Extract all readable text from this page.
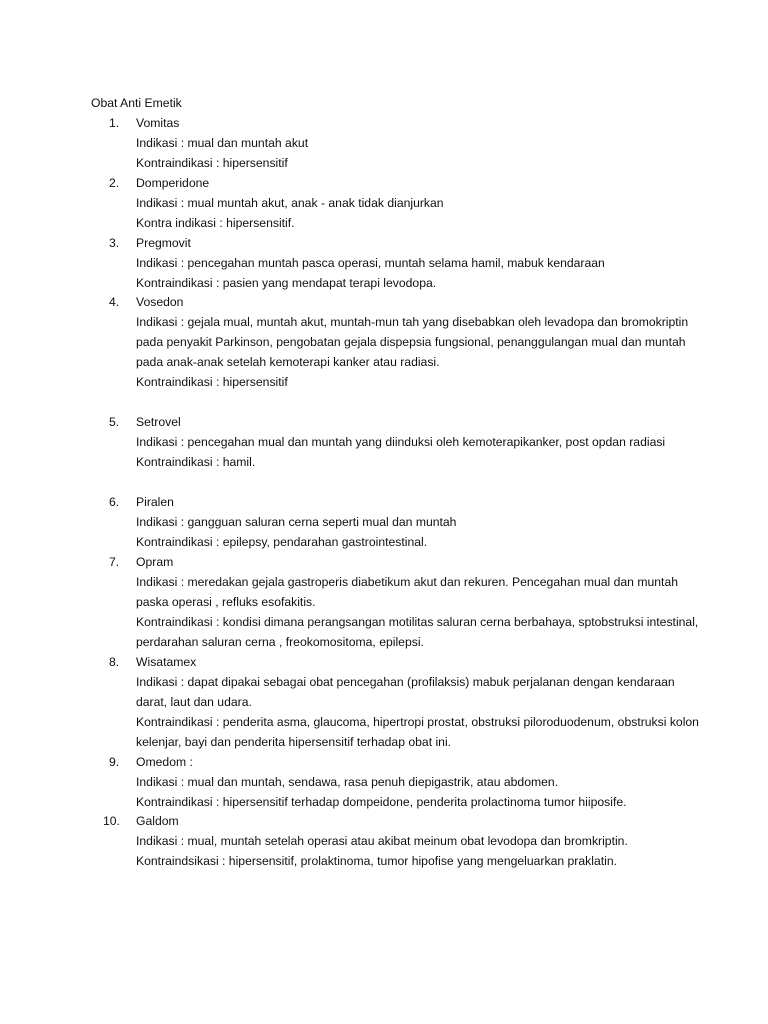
Obat Anti Emetik
1. Vomitas
Indikasi : mual dan muntah akut
Kontraindikasi : hipersensitif
2. Domperidone
Indikasi : mual muntah akut, anak - anak tidak dianjurkan
Kontra indikasi : hipersensitif.
3. Pregmovit
Indikasi : pencegahan muntah pasca operasi, muntah selama hamil, mabuk kendaraan
Kontraindikasi : pasien yang mendapat terapi levodopa.
4. Vosedon
Indikasi : gejala mual, muntah akut, muntah-mun tah yang disebabkan oleh levadopa dan bromokriptin pada penyakit Parkinson, pengobatan gejala dispepsia fungsional, penanggulangan mual dan muntah pada anak-anak setelah kemoterapi kanker atau radiasi.
Kontraindikasi : hipersensitif
5. Setrovel
Indikasi : pencegahan mual dan muntah yang diinduksi oleh kemoterapikanker, post opdan radiasi
Kontraindikasi : hamil.
6. Piralen
Indikasi : gangguan saluran cerna seperti mual dan muntah
Kontraindikasi : epilepsy, pendarahan gastrointestinal.
7. Opram
Indikasi : meredakan gejala gastroperis diabetikum akut dan rekuren. Pencegahan mual dan muntah paska operasi , refluks esofakitis.
Kontraindikasi : kondisi dimana perangsangan motilitas saluran cerna berbahaya, sptobstruksi intestinal, perdarahan saluran cerna , freokomositoma, epilepsi.
8. Wisatamex
Indikasi : dapat dipakai sebagai obat pencegahan (profilaksis) mabuk perjalanan dengan kendaraan darat, laut dan udara.
Kontraindikasi : penderita asma, glaucoma, hipertropi prostat, obstruksi piloroduodenum, obstruksi kolon kelenjar, bayi dan penderita hipersensitif terhadap obat ini.
9. Omedom :
Indikasi : mual dan muntah, sendawa, rasa penuh diepigastrik, atau abdomen.
Kontraindikasi : hipersensitif terhadap dompeidone, penderita prolactinoma tumor hiiposife.
10. Galdom
Indikasi : mual, muntah setelah operasi atau akibat meinum obat levodopa dan bromkriptin.
Kontraindsikasi : hipersensitif, prolaktinoma, tumor hipofise yang mengeluarkan praklatin.
